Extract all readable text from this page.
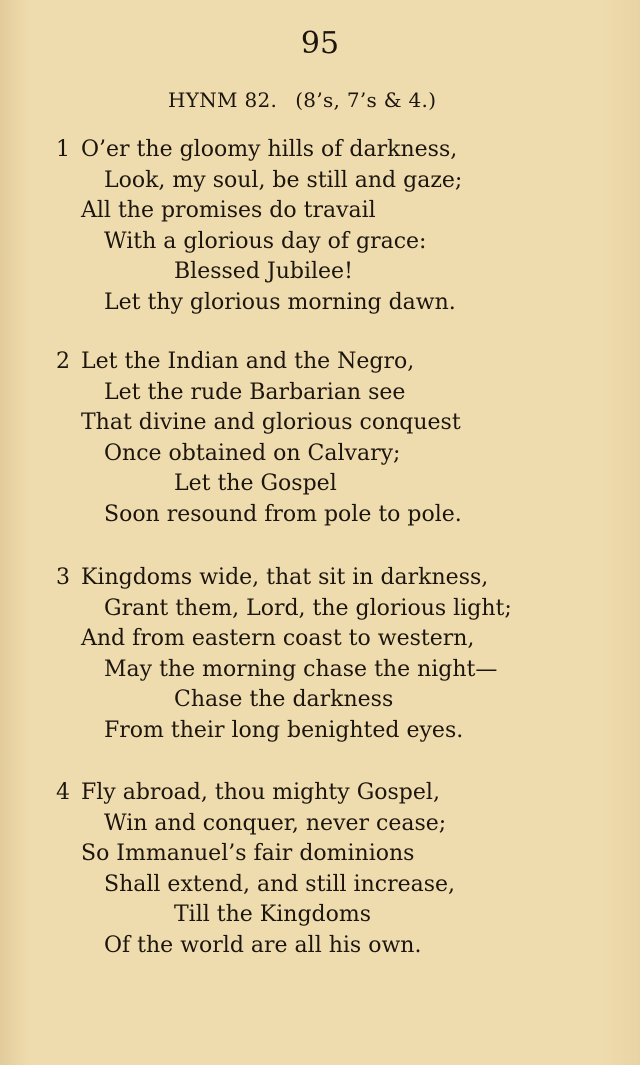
95
HYNM 82. (8’s, 7’s & 4.)
1 O’er the gloomy hills of darkness,
Look, my soul, be still and gaze;
All the promises do travail
With a glorious day of grace:
Blessed Jubilee!
Let thy glorious morning dawn.
2 Let the Indian and the Negro,
Let the rude Barbarian see
That divine and glorious conquest
Once obtained on Calvary;
Let the Gospel
Soon resound from pole to pole.
3 Kingdoms wide, that sit in darkness,
Grant them, Lord, the glorious light;
And from eastern coast to western,
May the morning chase the night—
Chase the darkness
From their long benighted eyes.
4 Fly abroad, thou mighty Gospel,
Win and conquer, never cease;
So Immanuel’s fair dominions
Shall extend, and still increase,
Till the Kingdoms
Of the world are all his own.
